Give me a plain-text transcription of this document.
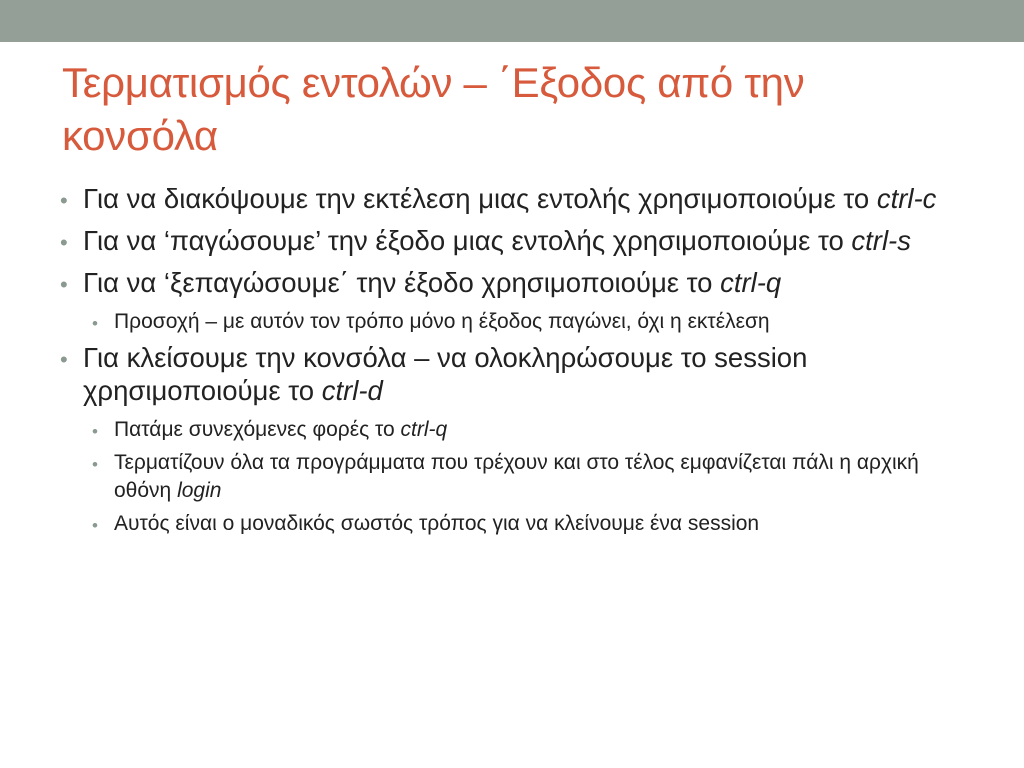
Τερματισμός εντολών – ΄Εξοδος από την κονσόλα
• Για να διακόψουμε την εκτέλεση μιας εντολής χρησιμοποιούμε το ctrl-c
• Για να ‘παγώσουμε’ την έξοδο μιας εντολής χρησιμοποιούμε το ctrl-s
• Για να ‘ξεπαγώσουμε΄ την έξοδο χρησιμοποιούμε το ctrl-q
• Προσοχή – με αυτόν τον τρόπο μόνο η έξοδος παγώνει, όχι η εκτέλεση
• Για κλείσουμε την κονσόλα – να ολοκληρώσουμε το session χρησιμοποιούμε το ctrl-d
• Πατάμε συνεχόμενες φορές το ctrl-q
• Τερματίζουν όλα τα προγράμματα που τρέχουν και στο τέλος εμφανίζεται πάλι η αρχική οθόνη login
• Αυτός είναι ο μοναδικός σωστός τρόπος για να κλείνουμε ένα session
